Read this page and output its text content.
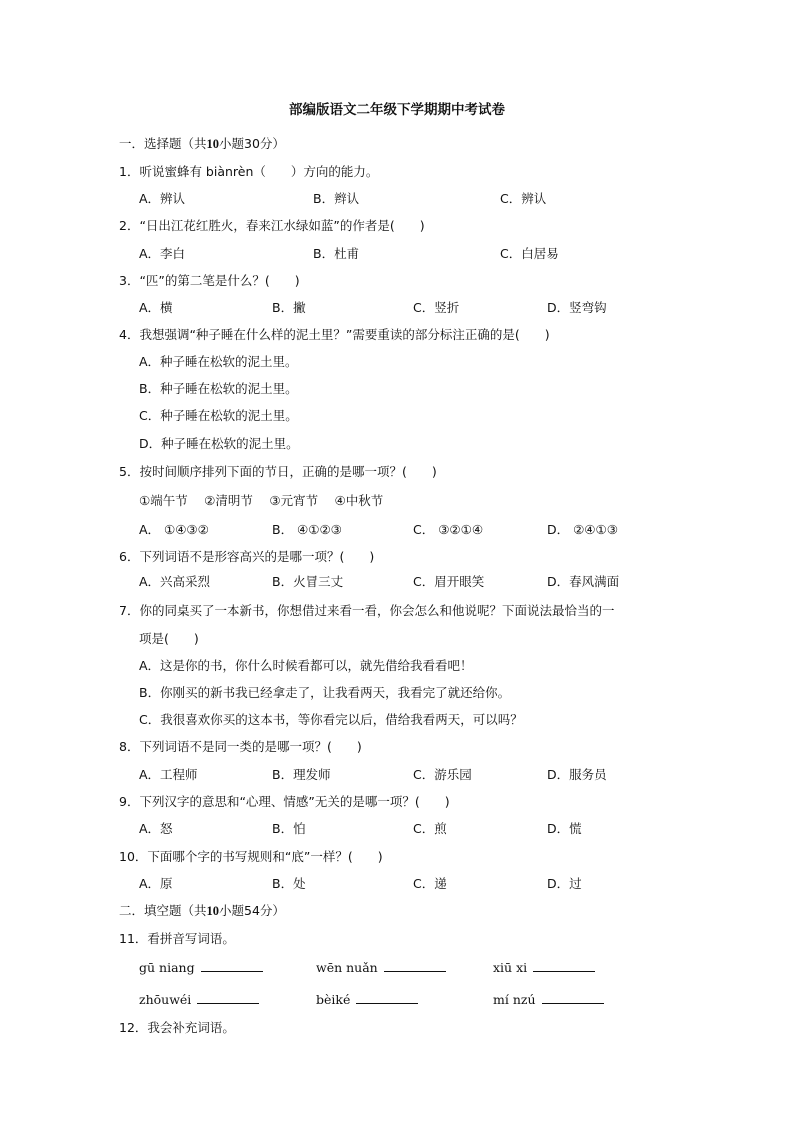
部编版语文二年级下学期期中考试卷
一．选择题（共10小题30分）
1．听说蜜蜂有 biànrèn（　　）方向的能力。
A．辨认	B．辫认	C．辨认
2．“日出江花红胜火，春来江水绿如蓝”的作者是(　　)
A．李白	B．杜甫	C．白居易
3．“匹”的第二笔是什么？(　　)
A．横	B．撇	C．竖折	D．竖弯钩
4．我想强调“种子睡在什么样的泥土里？”需要重读的部分标注正确的是(　　)
A．种子睡在松软的泥土里。
B．种子睡在松软的泥土里。
C．种子睡在松软的泥土里。
D．种子睡在松软的泥土里。
5．按时间顺序排列下面的节日，正确的是哪一项？(　　)
①端午节　 ②清明节　 ③元宵节　 ④中秋节
A． ①④③②	B． ④①②③	C． ③②①④	D． ②④①③
6．下列词语不是形容高兴的是哪一项？(　　)
A．兴高采烈	B．火冒三丈	C．眉开眼笑	D．春风满面
7．你的同桌买了一本新书，你想借过来看一看，你会怎么和他说呢？下面说法最恰当的一
项是(　　)
A．这是你的书，你什么时候看都可以，就先借给我看看吧！
B．你刚买的新书我已经拿走了，让我看两天，我看完了就还给你。
C．我很喜欢你买的这本书，等你看完以后，借给我看两天，可以吗？
8．下列词语不是同一类的是哪一项？(　　)
A．工程师	B．理发师	C．游乐园	D．服务员
9．下列汉字的意思和“心理、情感”无关的是哪一项？(　　)
A．怒	B．怕	C．煎	D．慌
10．下面哪个字的书写规则和“底”一样？(　　)
A．原	B．处	C．递	D．过
二．填空题（共10小题54分）
11．看拼音写词语。
gū niang	wēn nuǎn	xiū xi
zhōuwéi	bèiké	mí nzú
12．我会补充词语。
